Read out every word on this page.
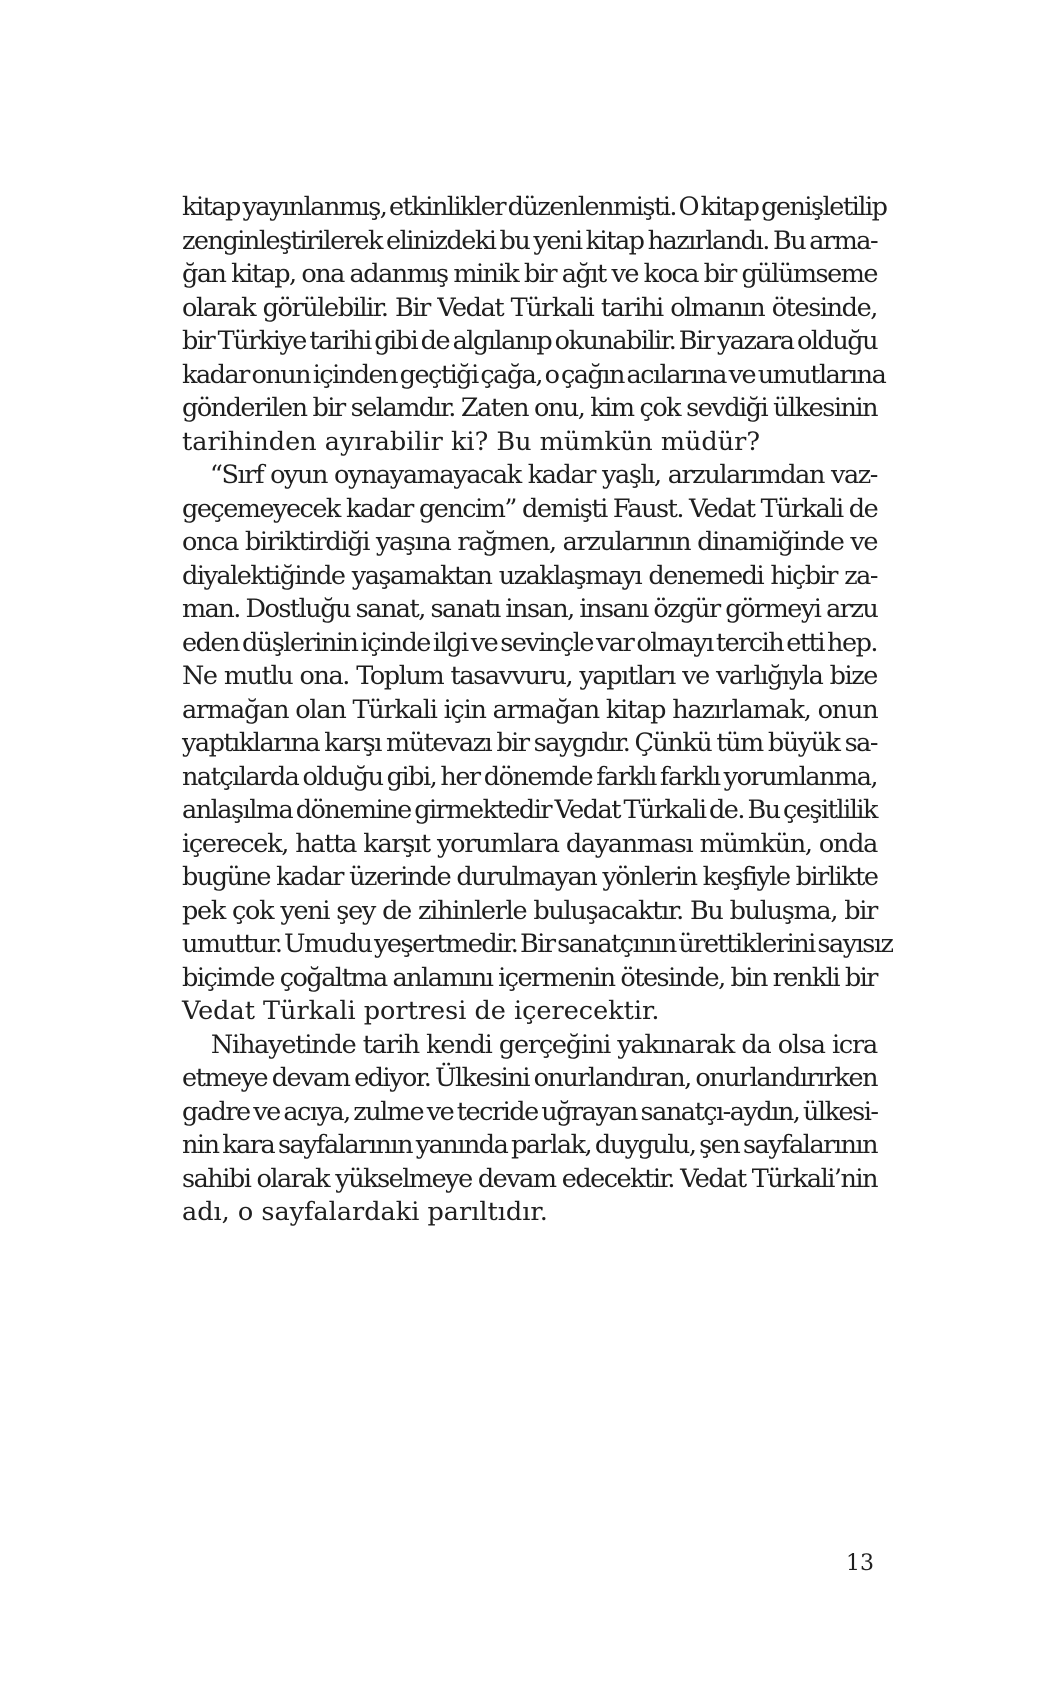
kitap yayınlanmış, etkinlikler düzenlenmişti. O kitap genişletilip
zenginleştirilerek elinizdeki bu yeni kitap hazırlandı. Bu arma-
ğan kitap, ona adanmış minik bir ağıt ve koca bir gülümseme
olarak görülebilir. Bir Vedat Türkali tarihi olmanın ötesinde,
bir Türkiye tarihi gibi de algılanıp okunabilir. Bir yazara olduğu
kadar onun içinden geçtiği çağa, o çağın acılarına ve umutlarına
gönderilen bir selamdır. Zaten onu, kim çok sevdiği ülkesinin
tarihinden ayırabilir ki? Bu mümkün müdür?
“Sırf oyun oynayamayacak kadar yaşlı, arzularımdan vaz-
geçemeyecek kadar gencim” demişti Faust. Vedat Türkali de
onca biriktirdiği yaşına rağmen, arzularının dinamiğinde ve
diyalektiğinde yaşamaktan uzaklaşmayı denemedi hiçbir za-
man. Dostluğu sanat, sanatı insan, insanı özgür görmeyi arzu
eden düşlerinin içinde ilgi ve sevinçle var olmayı tercih etti hep.
Ne mutlu ona. Toplum tasavvuru, yapıtları ve varlığıyla bize
armağan olan Türkali için armağan kitap hazırlamak, onun
yaptıklarına karşı mütevazı bir saygıdır. Çünkü tüm büyük sa-
natçılarda olduğu gibi, her dönemde farklı farklı yorumlanma,
anlaşılma dönemine girmektedir Vedat Türkali de. Bu çeşitlilik
içerecek, hatta karşıt yorumlara dayanması mümkün, onda
bugüne kadar üzerinde durulmayan yönlerin keşfiyle birlikte
pek çok yeni şey de zihinlerle buluşacaktır. Bu buluşma, bir
umuttur. Umudu yeşertmedir. Bir sanatçının ürettiklerini sayısız
biçimde çoğaltma anlamını içermenin ötesinde, bin renkli bir
Vedat Türkali portresi de içerecektir.
Nihayetinde tarih kendi gerçeğini yakınarak da olsa icra
etmeye devam ediyor. Ülkesini onurlandıran, onurlandırırken
gadre ve acıya, zulme ve tecride uğrayan sanatçı-aydın, ülkesi-
nin kara sayfalarının yanında parlak, duygulu, şen sayfalarının
sahibi olarak yükselmeye devam edecektir. Vedat Türkali’nin
adı, o sayfalardaki parıltıdır.
13
